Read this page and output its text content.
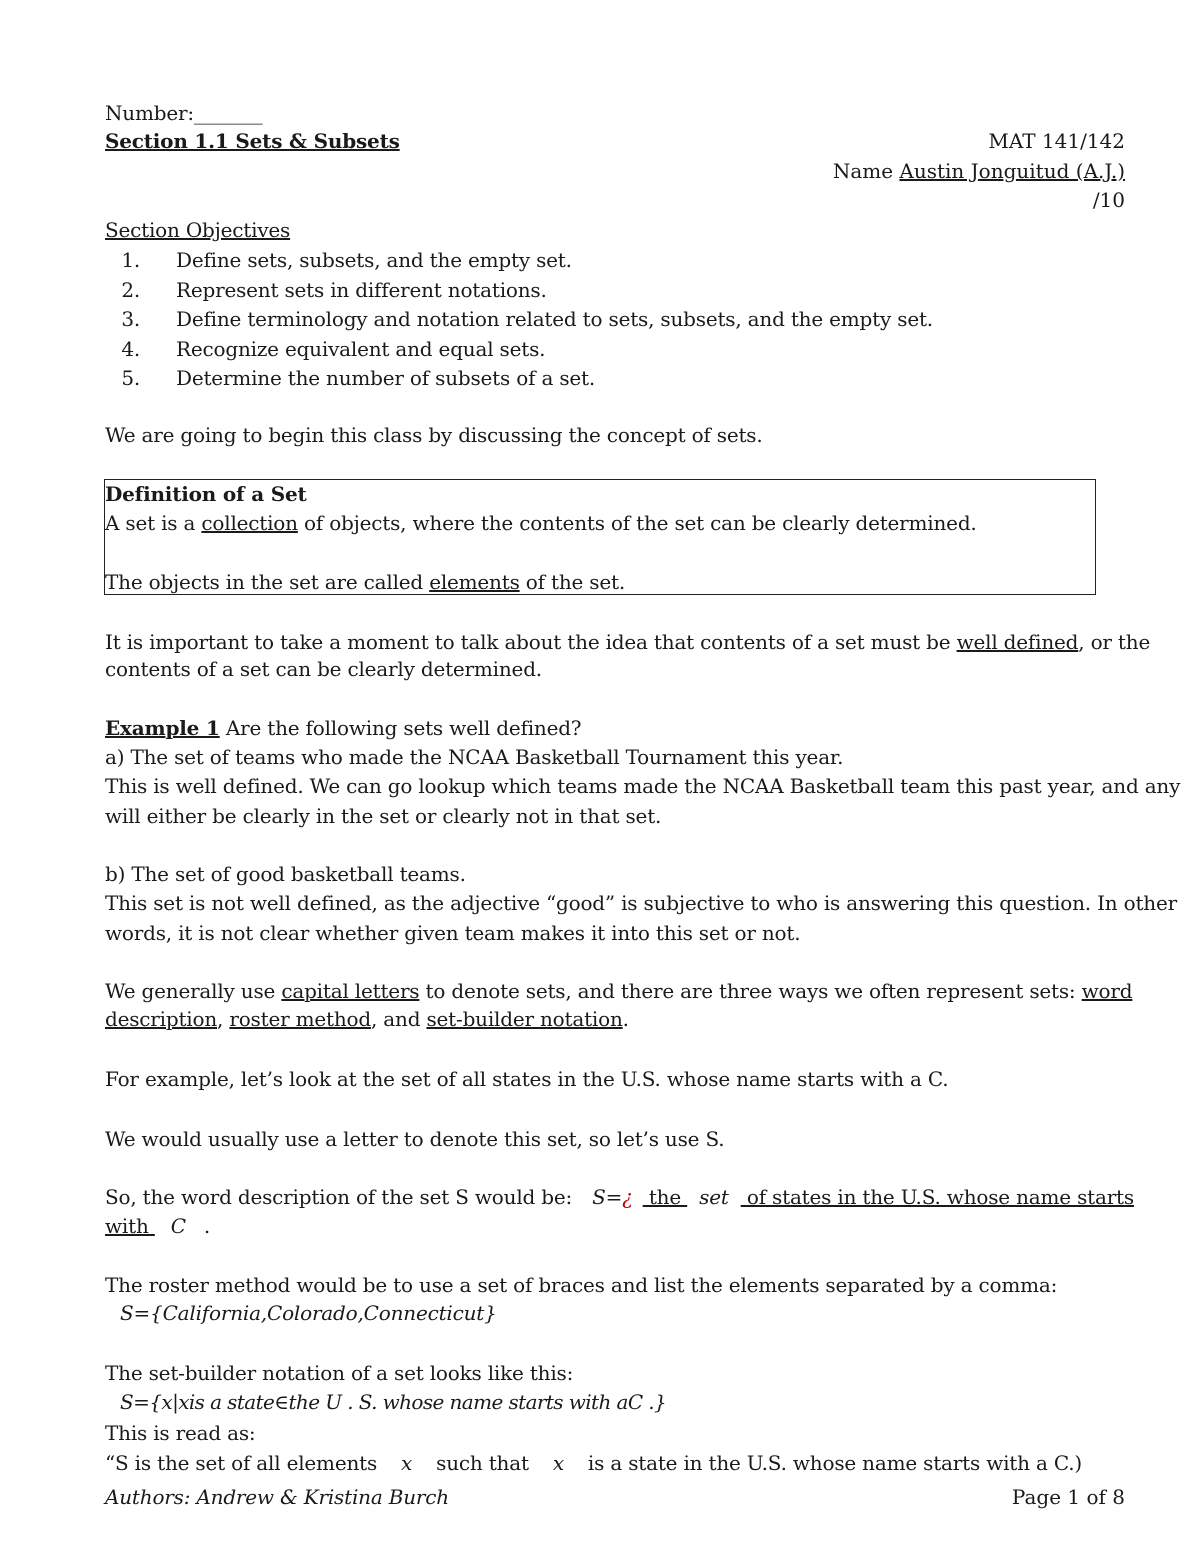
Number:_______
Section 1.1 Sets & Subsets	MAT 141/142
Name Austin Jonguitud (A.J.)
/10
Section Objectives
1. Define sets, subsets, and the empty set.
2. Represent sets in different notations.
3. Define terminology and notation related to sets, subsets, and the empty set.
4. Recognize equivalent and equal sets.
5. Determine the number of subsets of a set.
We are going to begin this class by discussing the concept of sets.
Definition of a Set
A set is a collection of objects, where the contents of the set can be clearly determined.
The objects in the set are called elements of the set.
It is important to take a moment to talk about the idea that contents of a set must be well defined, or the
contents of a set can be clearly determined.
Example 1 Are the following sets well defined?
a) The set of teams who made the NCAA Basketball Tournament this year.
This is well defined. We can go lookup which teams made the NCAA Basketball team this past year, and any
will either be clearly in the set or clearly not in that set.
b) The set of good basketball teams.
This set is not well defined, as the adjective “good” is subjective to who is answering this question. In other
words, it is not clear whether given team makes it into this set or not.
We generally use capital letters to denote sets, and there are three ways we often represent sets: word
description, roster method, and set-builder notation.
For example, let’s look at the set of all states in the U.S. whose name starts with a C.
We would usually use a letter to denote this set, so let’s use S.
So, the word description of the set S would be: S=¿ the set of states in the U.S. whose name starts
with C .
The roster method would be to use a set of braces and list the elements separated by a comma:
S={California,Colorado,Connecticut}
The set-builder notation of a set looks like this:
S={x|xis a state∈the U . S. whose name starts with aC .}
This is read as:
“S is the set of all elements x such that x is a state in the U.S. whose name starts with a C.)
Authors: Andrew & Kristina Burch	Page 1 of 8
